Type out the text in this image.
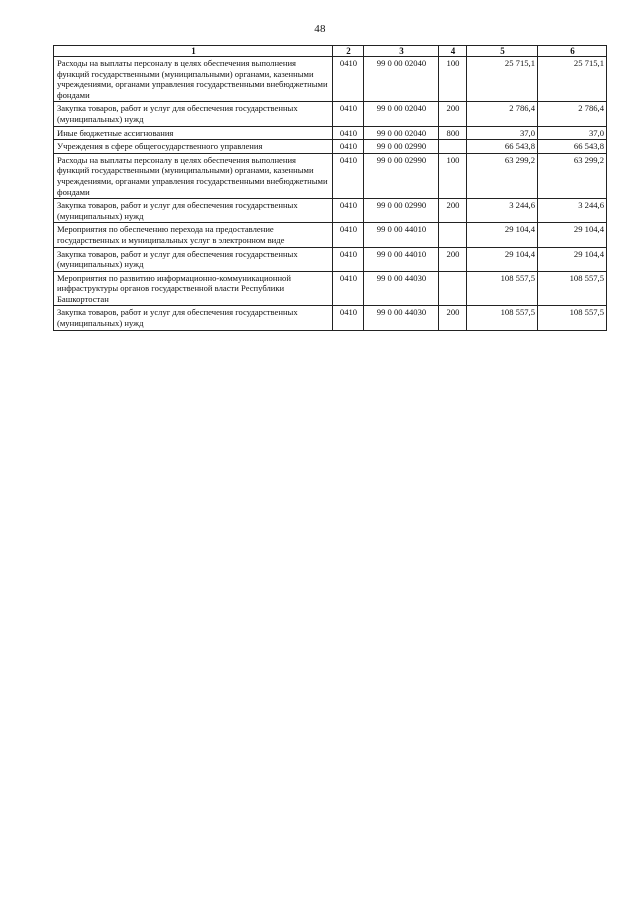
48
1	2	3	4	5	6
Расходы на выплаты персоналу в целях обеспечения выполнения функций государственными (муниципальными) органами, казенными учреждениями, органами управления государственными внебюджетными фондами	0410	99 0 00 02040	100	25 715,1	25 715,1
Закупка товаров, работ и услуг для обеспечения государственных (муниципальных) нужд	0410	99 0 00 02040	200	2 786,4	2 786,4
Иные бюджетные ассигнования	0410	99 0 00 02040	800	37,0	37,0
Учреждения в сфере общегосударственного управления	0410	99 0 00 02990		66 543,8	66 543,8
Расходы на выплаты персоналу в целях обеспечения выполнения функций государственными (муниципальными) органами, казенными учреждениями, органами управления государственными внебюджетными фондами	0410	99 0 00 02990	100	63 299,2	63 299,2
Закупка товаров, работ и услуг для обеспечения государственных (муниципальных) нужд	0410	99 0 00 02990	200	3 244,6	3 244,6
Мероприятия по обеспечению перехода на предоставление государственных и муниципальных услуг в электронном виде	0410	99 0 00 44010		29 104,4	29 104,4
Закупка товаров, работ и услуг для обеспечения государственных (муниципальных) нужд	0410	99 0 00 44010	200	29 104,4	29 104,4
Мероприятия по развитию информационно-коммуникационной инфраструктуры органов государственной власти Республики Башкортостан	0410	99 0 00 44030		108 557,5	108 557,5
Закупка товаров, работ и услуг для обеспечения государственных (муниципальных) нужд	0410	99 0 00 44030	200	108 557,5	108 557,5
